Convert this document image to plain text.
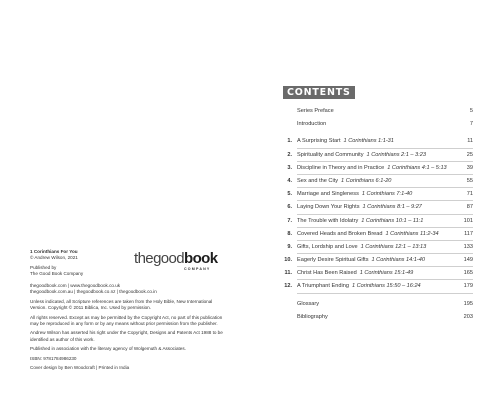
1 Corinthians For You
© Andrew Wilson, 2021
Published by
The Good Book Company
thegoodbook
COMPANY
thegoodbook.com | www.thegoodbook.co.uk
thegoodbook.com.au | thegoodbook.co.nz | thegoodbook.co.in
Unless indicated, all Scripture references are taken from the Holy Bible, New International Version. Copyright © 2011 Biblica, Inc. Used by permission.
All rights reserved. Except as may be permitted by the Copyright Act, no part of this publication may be reproduced in any form or by any means without prior permission from the publisher.
Andrew Wilson has asserted his right under the Copyright, Designs and Patents Act 1988 to be identified as author of this work.
Published in association with the literary agency of Wolgemuth & Associates.
ISBN: 9781784986230
Cover design by Ben Woodcraft | Printed in India
CONTENTS
Series Preface	5
Introduction	7
1. A Surprising Start 1 Corinthians 1:1-31	11
2. Spirituality and Community 1 Corinthians 2:1 – 3:23	25
3. Discipline in Theory and in Practice 1 Corinthians 4:1 – 5:13	39
4. Sex and the City 1 Corinthians 6:1-20	55
5. Marriage and Singleness 1 Corinthians 7:1-40	71
6. Laying Down Your Rights 1 Corinthians 8:1 – 9:27	87
7. The Trouble with Idolatry 1 Corinthians 10:1 – 11:1	101
8. Covered Heads and Broken Bread 1 Corinthians 11:2-34	117
9. Gifts, Lordship and Love 1 Corinthians 12:1 – 13:13	133
10. Eagerly Desire Spiritual Gifts 1 Corinthians 14:1-40	149
11. Christ Has Been Raised 1 Corinthians 15:1-49	165
12. A Triumphant Ending 1 Corinthians 15:50 – 16:24	179
Glossary	195
Bibliography	203
